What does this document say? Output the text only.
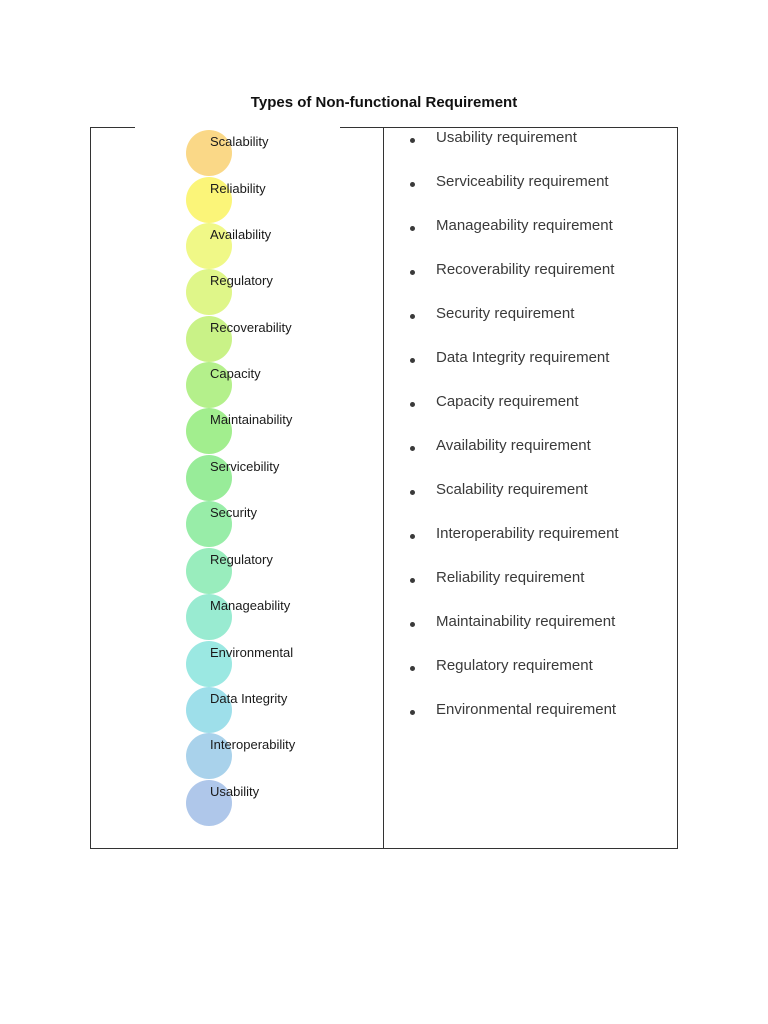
Types of Non-functional Requirement
Scalability
Reliability
Availability
Regulatory
Recoverability
Capacity
Maintainability
Servicebility
Security
Regulatory
Manageability
Environmental
Data Integrity
Interoperability
Usability
Usability requirement
Serviceability requirement
Manageability requirement
Recoverability requirement
Security requirement
Data Integrity requirement
Capacity requirement
Availability requirement
Scalability requirement
Interoperability requirement
Reliability requirement
Maintainability requirement
Regulatory requirement
Environmental requirement
